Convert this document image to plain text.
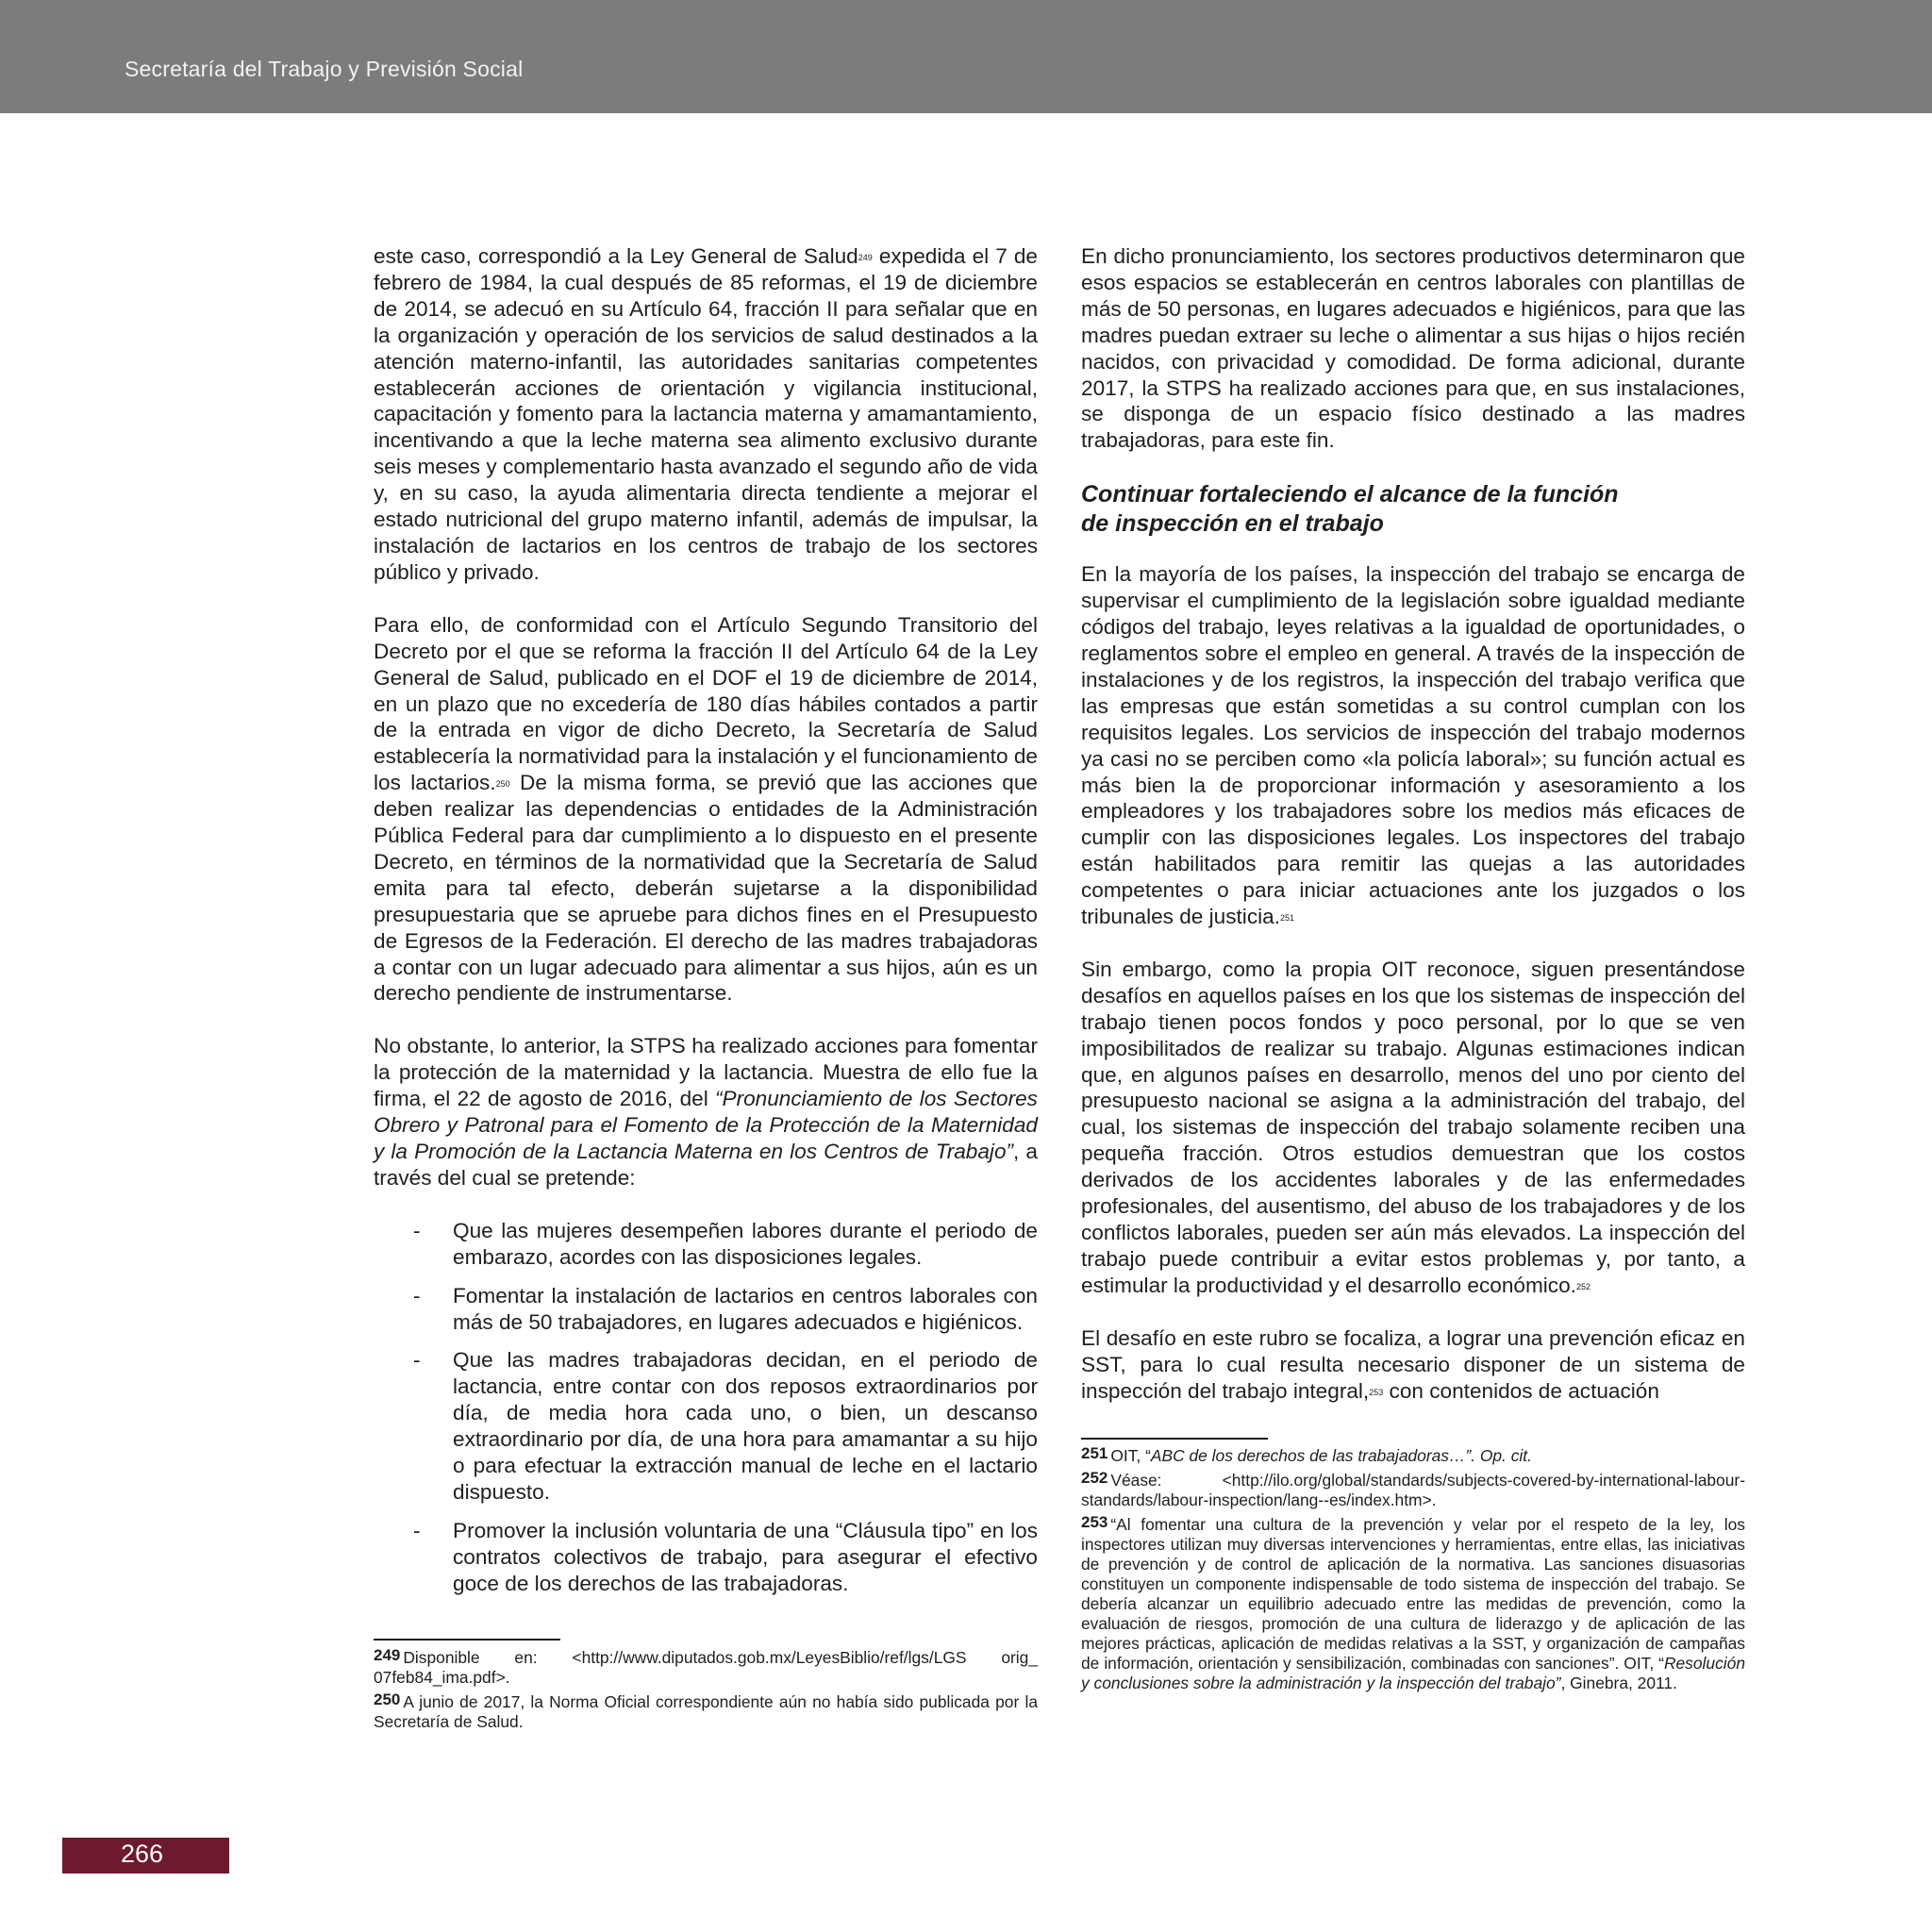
Secretaría del Trabajo y Previsión Social

este caso, correspondió a la Ley General de Salud$^{249}$ expedida el 7 de febrero de 1984, la cual después de 85 reformas, el 19 de diciembre de 2014, se adecuó en su Artículo 64, fracción II para señalar que en la organización y operación de los servicios de salud destinados a la atención materno-infantil, las autoridades sanitarias competentes establecerán acciones de orientación y vigilancia institucional, capacitación y fomento para la lactancia materna y amamantamiento, incentivando a que la leche materna sea alimento exclusivo durante seis meses y complementario hasta avanzado el segundo año de vida y, en su caso, la ayuda alimentaria directa tendiente a mejorar el estado nutricional del grupo materno infantil, además de impulsar, la instalación de lactarios en los centros de trabajo de los sectores público y privado.

Para ello, de conformidad con el Artículo Segundo Transitorio del Decreto por el que se reforma la fracción II del Artículo 64 de la Ley General de Salud, publicado en el DOF el 19 de diciembre de 2014, en un plazo que no excedería de 180 días hábiles contados a partir de la entrada en vigor de dicho Decreto, la Secretaría de Salud establecería la normatividad para la instalación y el funcionamiento de los lactarios.$^{250}$ De la misma forma, se previó que las acciones que deben realizar las dependencias o entidades de la Administración Pública Federal para dar cumplimiento a lo dispuesto en el presente Decreto, en términos de la normatividad que la Secretaría de Salud emita para tal efecto, deberán sujetarse a la disponibilidad presupuestaria que se apruebe para dichos fines en el Presupuesto de Egresos de la Federación. El derecho de las madres trabajadoras a contar con un lugar adecuado para alimentar a sus hijos, aún es un derecho pendiente de instrumentarse.

No obstante, lo anterior, la STPS ha realizado acciones para fomentar la protección de la maternidad y la lactancia. Muestra de ello fue la firma, el 22 de agosto de 2016, del “Pronunciamiento de los Sectores Obrero y Patronal para el Fomento de la Protección de la Maternidad y la Promoción de la Lactancia Materna en los Centros de Trabajo”, a través del cual se pretende:

- Que las mujeres desempeñen labores durante el periodo de embarazo, acordes con las disposiciones legales.
- Fomentar la instalación de lactarios en centros laborales con más de 50 trabajadores, en lugares adecuados e higiénicos.
- Que las madres trabajadoras decidan, en el periodo de lactancia, entre contar con dos reposos extraordinarios por día, de media hora cada uno, o bien, un descanso extraordinario por día, de una hora para amamantar a su hijo o para efectuar la extracción manual de leche en el lactario dispuesto.
- Promover la inclusión voluntaria de una “Cláusula tipo” en los contratos colectivos de trabajo, para asegurar el efectivo goce de los derechos de las trabajadoras.

249 Disponible en: <http://www.diputados.gob.mx/LeyesBiblio/ref/lgs/LGS orig_ 07feb84_ima.pdf>.

250 A junio de 2017, la Norma Oficial correspondiente aún no había sido publicada por la Secretaría de Salud.

En dicho pronunciamiento, los sectores productivos determinaron que esos espacios se establecerán en centros laborales con plantillas de más de 50 personas, en lugares adecuados e higiénicos, para que las madres puedan extraer su leche o alimentar a sus hijas o hijos recién nacidos, con privacidad y comodidad. De forma adicional, durante 2017, la STPS ha realizado acciones para que, en sus instalaciones, se disponga de un espacio físico destinado a las madres trabajadoras, para este fin.

Continuar fortaleciendo el alcance de la función
de inspección en el trabajo

En la mayoría de los países, la inspección del trabajo se encarga de supervisar el cumplimiento de la legislación sobre igualdad mediante códigos del trabajo, leyes relativas a la igualdad de oportunidades, o reglamentos sobre el empleo en general. A través de la inspección de instalaciones y de los registros, la inspección del trabajo verifica que las empresas que están sometidas a su control cumplan con los requisitos legales. Los servicios de inspección del trabajo modernos ya casi no se perciben como «la policía laboral»; su función actual es más bien la de proporcionar información y asesoramiento a los empleadores y los trabajadores sobre los medios más eficaces de cumplir con las disposiciones legales. Los inspectores del trabajo están habilitados para remitir las quejas a las autoridades competentes o para iniciar actuaciones ante los juzgados o los tribunales de justicia.$^{251}$

Sin embargo, como la propia OIT reconoce, siguen presentándose desafíos en aquellos países en los que los sistemas de inspección del trabajo tienen pocos fondos y poco personal, por lo que se ven imposibilitados de realizar su trabajo. Algunas estimaciones indican que, en algunos países en desarrollo, menos del uno por ciento del presupuesto nacional se asigna a la administración del trabajo, del cual, los sistemas de inspección del trabajo solamente reciben una pequeña fracción. Otros estudios demuestran que los costos derivados de los accidentes laborales y de las enfermedades profesionales, del ausentismo, del abuso de los trabajadores y de los conflictos laborales, pueden ser aún más elevados. La inspección del trabajo puede contribuir a evitar estos problemas y, por tanto, a estimular la productividad y el desarrollo económico.$^{252}$

El desafío en este rubro se focaliza, a lograr una prevención eficaz en SST, para lo cual resulta necesario disponer de un sistema de inspección del trabajo integral,$^{253}$ con contenidos de actuación

251 OIT, “ABC de los derechos de las trabajadoras…”. Op. cit.

252 Véase: <http://ilo.org/global/standards/subjects-covered-by-international-labour-standards/labour-inspection/lang--es/index.htm>.

253 “Al fomentar una cultura de la prevención y velar por el respeto de la ley, los inspectores utilizan muy diversas intervenciones y herramientas, entre ellas, las iniciativas de prevención y de control de aplicación de la normativa. Las sanciones disuasorias constituyen un componente indispensable de todo sistema de inspección del trabajo. Se debería alcanzar un equilibrio adecuado entre las medidas de prevención, como la evaluación de riesgos, promoción de una cultura de liderazgo y de aplicación de las mejores prácticas, aplicación de medidas relativas a la SST, y organización de campañas de información, orientación y sensibilización, combinadas con sanciones”. OIT, “Resolución y conclusiones sobre la administración y la inspección del trabajo”, Ginebra, 2011.

266
